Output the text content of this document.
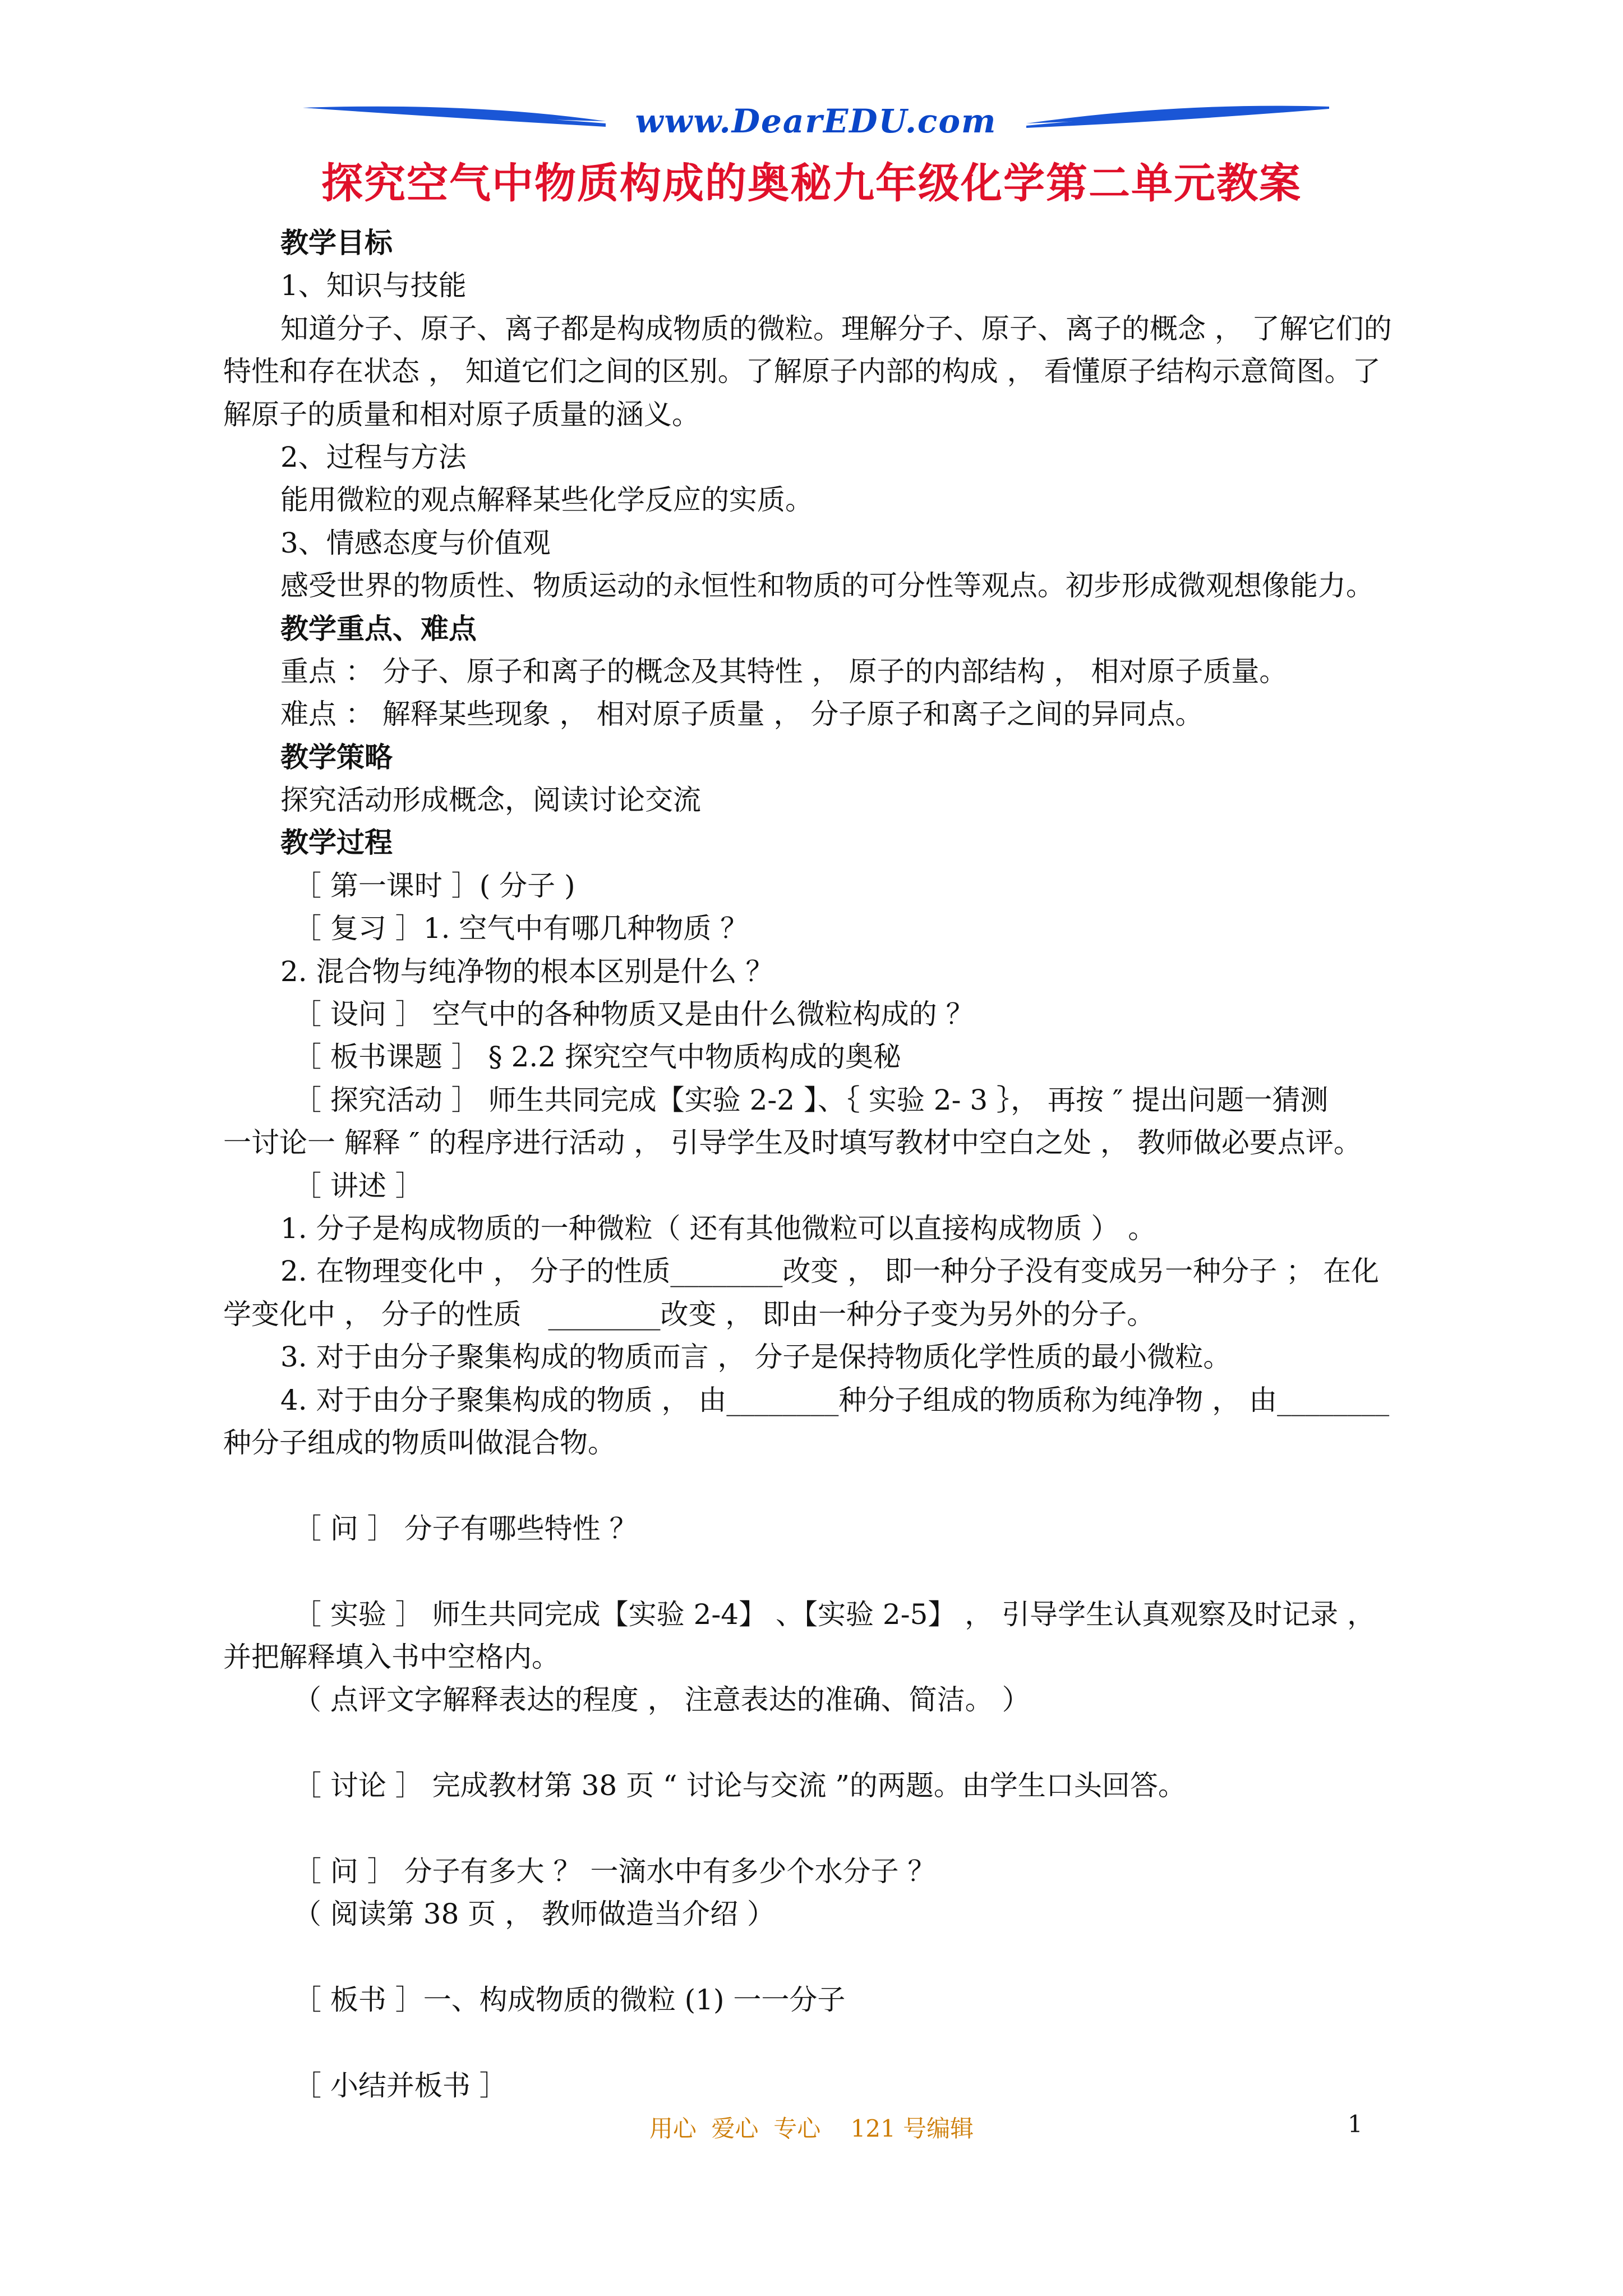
www.DearEDU.com
探究空气中物质构成的奥秘九年级化学第二单元教案
教学目标
1、知识与技能
知道分子、原子、离子都是构成物质的微粒。理解分子、原子、离子的概念 ， 了解它们的
特性和存在状态 ， 知道它们之间的区别。了解原子内部的构成 ， 看懂原子结构示意简图。了
解原子的质量和相对原子质量的涵义。
2、过程与方法
能用微粒的观点解释某些化学反应的实质。
3、情感态度与价值观
感受世界的物质性、物质运动的永恒性和物质的可分性等观点。初步形成微观想像能力。
教学重点、难点
重点 ： 分子、原子和离子的概念及其特性 ， 原子的内部结构 ， 相对原子质量。
难点 ： 解释某些现象 ， 相对原子质量 ， 分子原子和离子之间的异同点。
教学策略
探究活动形成概念，阅读讨论交流
教学过程
［ 第一课时 ］( 分子 )
［ 复习 ］1. 空气中有哪几种物质 ？
2. 混合物与纯净物的根本区别是什么 ？
［ 设问 ］ 空气中的各种物质又是由什么微粒构成的 ？
［ 板书课题 ］ § 2.2 探究空气中物质构成的奥秘
［ 探究活动 ］ 师生共同完成【实验 2-2 】、｛ 实验 2- 3 ｝， 再按 ″ 提出问题一猜测
一讨论一 解释 ″ 的程序进行活动 ， 引导学生及时填写教材中空白之处 ， 教师做必要点评。
［ 讲述 ］
1. 分子是构成物质的一种微粒（ 还有其他微粒可以直接构成物质 ） 。
2. 在物理变化中 ， 分子的性质________改变 ， 即一种分子没有变成另一种分子 ； 在化
学变化中 ， 分子的性质   ________改变 ， 即由一种分子变为另外的分子。
3. 对于由分子聚集构成的物质而言 ， 分子是保持物质化学性质的最小微粒。
4. 对于由分子聚集构成的物质 ， 由________种分子组成的物质称为纯净物 ， 由________
种分子组成的物质叫做混合物。
［ 问 ］ 分子有哪些特性 ？
［ 实验 ］ 师生共同完成【实验 2-4】 、【实验 2-5】 ， 引导学生认真观察及时记录 ，
并把解释填入书中空格内。
（ 点评文字解释表达的程度 ， 注意表达的准确、简洁。 ）
［ 讨论 ］ 完成教材第 38 页 “ 讨论与交流 ”的两题。由学生口头回答。
［ 问 ］ 分子有多大 ？ 一滴水中有多少个水分子 ？
（ 阅读第 38 页 ， 教师做造当介绍 ）
［ 板书 ］一、构成物质的微粒 (1) 一一分子
［ 小结并板书 ］
用心  爱心  专心    121 号编辑	1
